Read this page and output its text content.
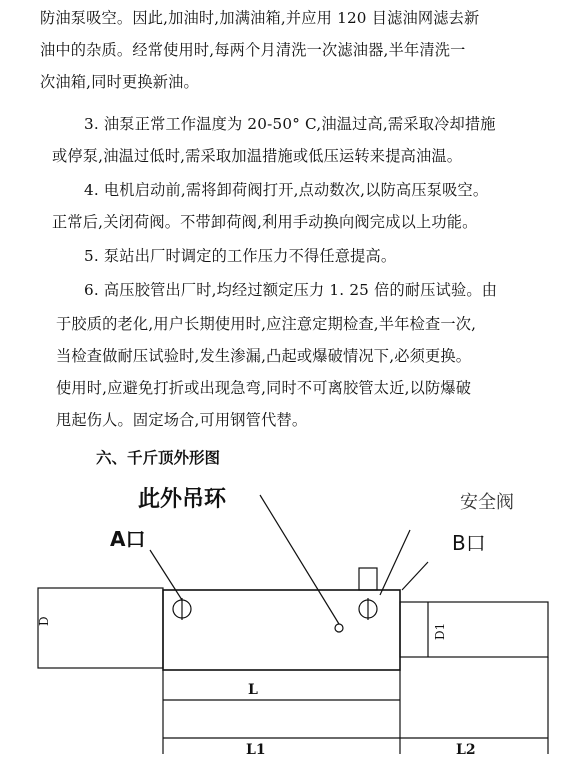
防油泵吸空。因此,加油时,加满油箱,并应用 120 目滤油网滤去新
油中的杂质。经常使用时,每两个月清洗一次滤油器,半年清洗一
次油箱,同时更换新油。
3. 油泵正常工作温度为 20-50° C,油温过高,需采取冷却措施
或停泵,油温过低时,需采取加温措施或低压运转来提高油温。
4. 电机启动前,需将卸荷阀打开,点动数次,以防高压泵吸空。
正常后,关闭荷阀。不带卸荷阀,利用手动换向阀完成以上功能。
5. 泵站出厂时调定的工作压力不得任意提高。
6. 高压胶管出厂时,均经过额定压力 1. 25 倍的耐压试验。由
于胶质的老化,用户长期使用时,应注意定期检查,半年检查一次,
当检查做耐压试验时,发生渗漏,凸起或爆破情况下,必须更换。
使用时,应避免打折或出现急弯,同时不可离胶管太近,以防爆破
甩起伤人。固定场合,可用钢管代替。
六、千斤顶外形图
此外吊环	安全阀
A口	B口
D
D1
L
L1	L2
